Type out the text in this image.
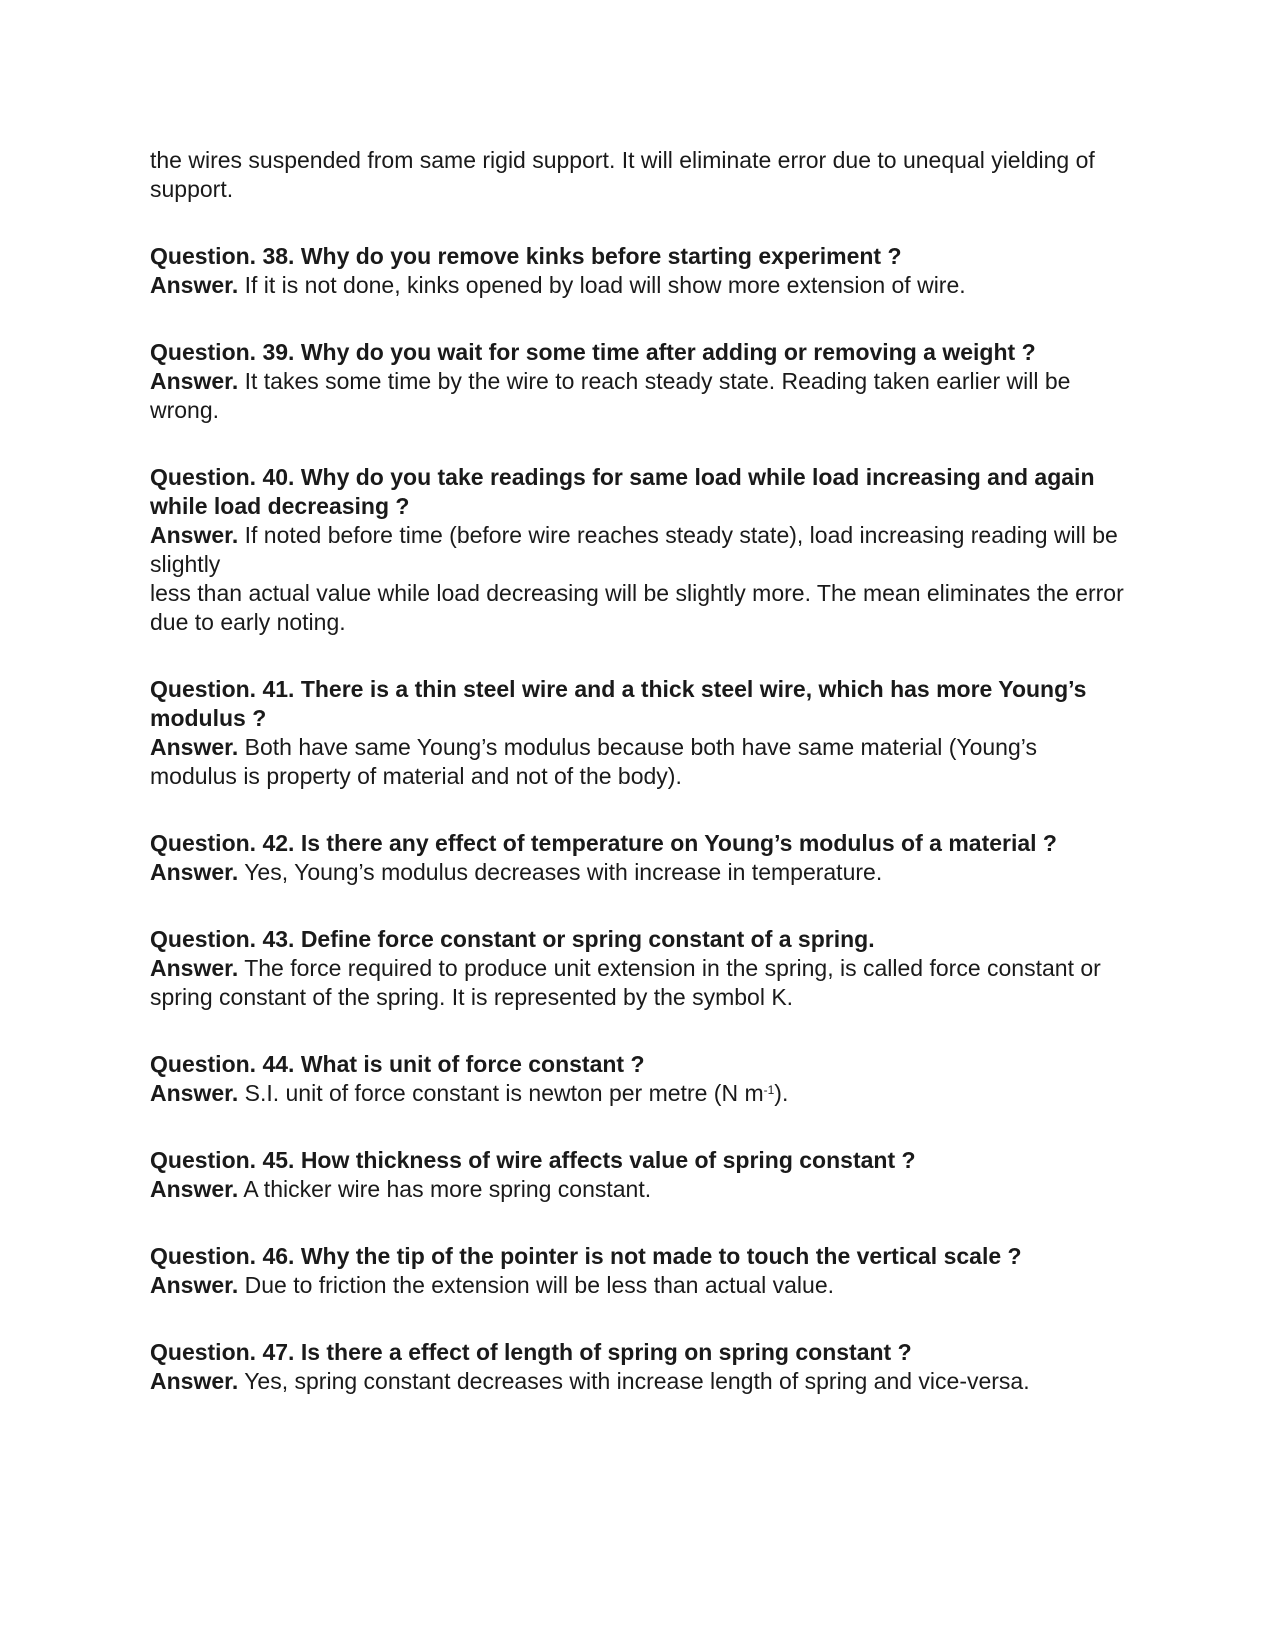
the wires suspended from same rigid support. It will eliminate error due to unequal yielding of support.

Question. 38. Why do you remove kinks before starting experiment ?

Answer. If it is not done, kinks opened by load will show more extension of wire.

Question. 39. Why do you wait for some time after adding or removing a weight ?

Answer. It takes some time by the wire to reach steady state. Reading taken earlier will be wrong.

Question. 40. Why do you take readings for same load while load increasing and again while load decreasing ?

Answer. If noted before time (before wire reaches steady state), load increasing reading will be slightly
less than actual value while load decreasing will be slightly more. The mean eliminates the error due to early noting.

Question. 41. There is a thin steel wire and a thick steel wire, which has more Young’s modulus ?

Answer. Both have same Young’s modulus because both have same material (Young’s modulus is property of material and not of the body).

Question. 42. Is there any effect of temperature on Young’s modulus of a material ?

Answer. Yes, Young’s modulus decreases with increase in temperature.

Question. 43. Define force constant or spring constant of a spring.

Answer. The force required to produce unit extension in the spring, is called force constant or spring constant of the spring. It is represented by the symbol K.

Question. 44. What is unit of force constant ?

Answer. S.I. unit of force constant is newton per metre (N $m^{-1}$).

Question. 45. How thickness of wire affects value of spring constant ?

Answer. A thicker wire has more spring constant.

Question. 46. Why the tip of the pointer is not made to touch the vertical scale ?

Answer. Due to friction the extension will be less than actual value.

Question. 47. Is there a effect of length of spring on spring constant ?

Answer. Yes, spring constant decreases with increase length of spring and vice-versa.
